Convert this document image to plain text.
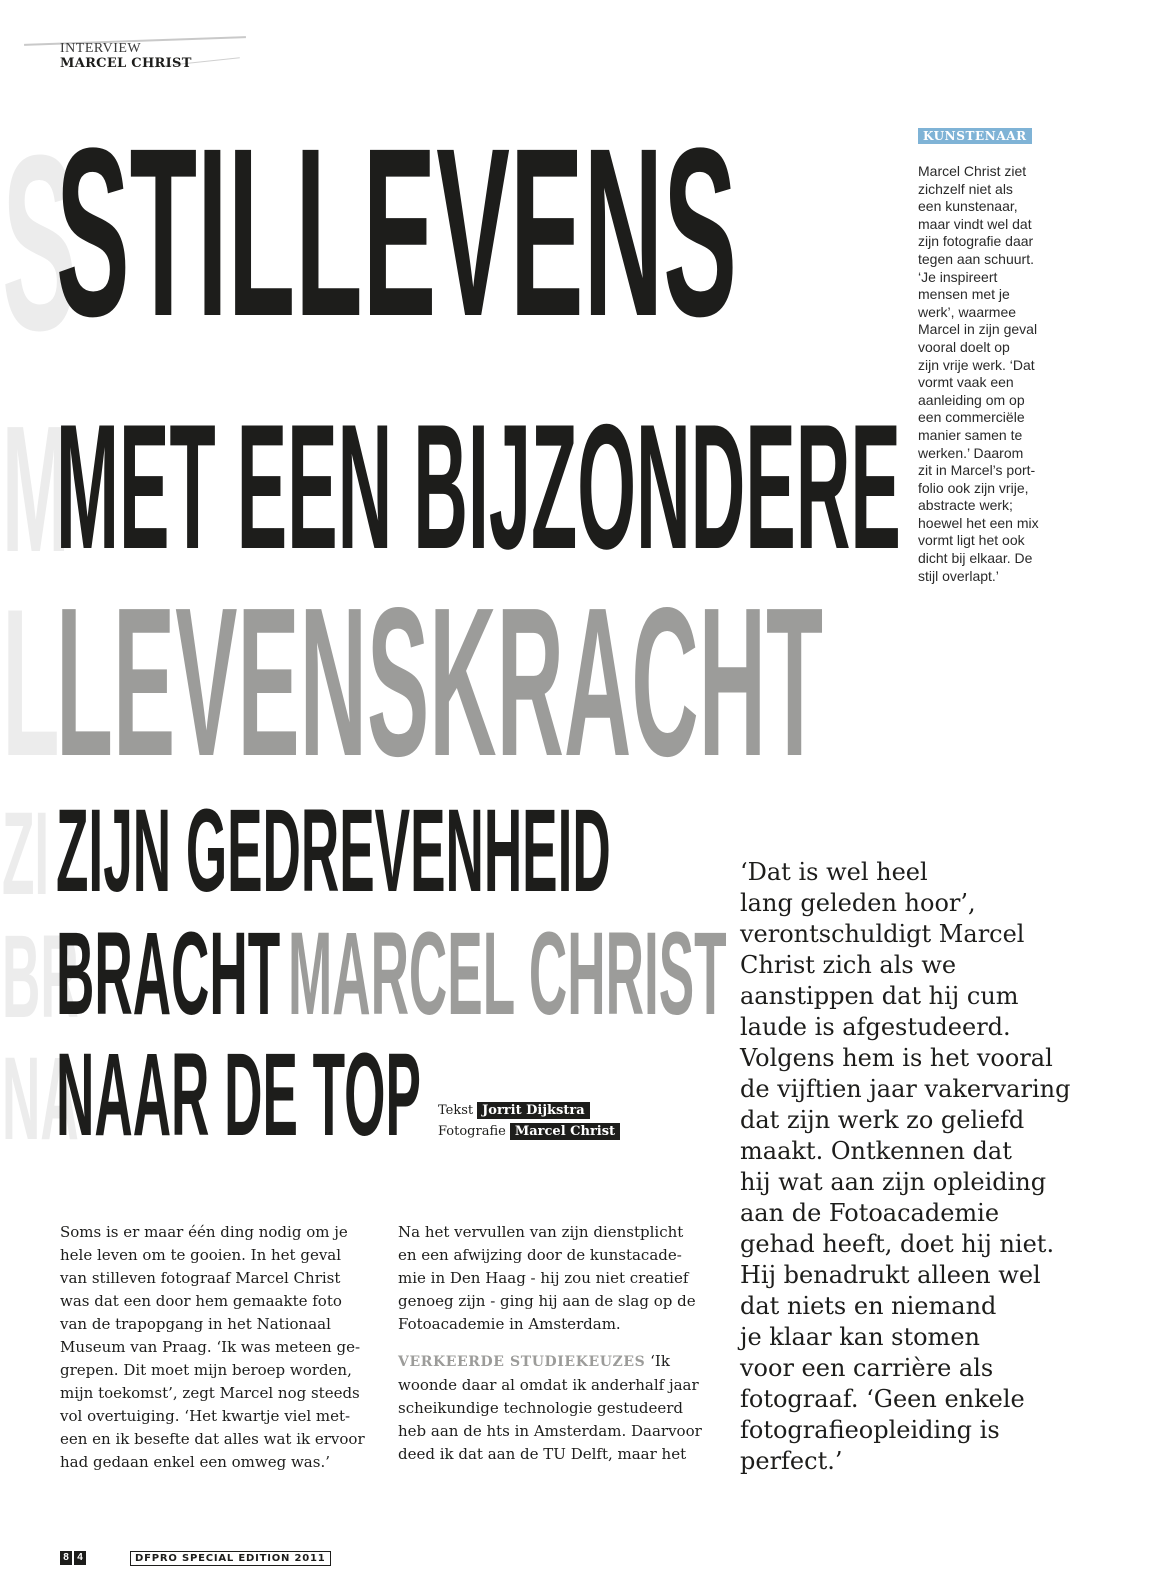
INTERVIEW
MARCEL CHRIST
S
M
L
ZI
BR
NA
STILLEVENS
MET EEN BIJZONDERE
LEVENSKRACHT
ZIJN GEDREVENHEID
BRACHT MARCEL CHRIST
NAAR DE TOP Tekst Jorrit Dijkstra
Fotografie Marcel Christ
KUNSTENAAR
Marcel Christ ziet
zichzelf niet als
een kunstenaar,
maar vindt wel dat
zijn fotografie daar
tegen aan schuurt.
‘Je inspireert
mensen met je
werk’, waarmee
Marcel in zijn geval
vooral doelt op
zijn vrije werk. ‘Dat
vormt vaak een
aanleiding om op
een commerciële
manier samen te
werken.’ Daarom
zit in Marcel’s port-
folio ook zijn vrije,
abstracte werk;
hoewel het een mix
vormt ligt het ook
dicht bij elkaar. De
stijl overlapt.’
‘Dat is wel heel
lang geleden hoor’,
verontschuldigt Marcel
Christ zich als we
aanstippen dat hij cum
laude is afgestudeerd.
Volgens hem is het vooral
de vijftien jaar vakervaring
dat zijn werk zo geliefd
maakt. Ontkennen dat
hij wat aan zijn opleiding
aan de Fotoacademie
gehad heeft, doet hij niet.
Hij benadrukt alleen wel
dat niets en niemand
je klaar kan stomen
voor een carrière als
fotograaf. ‘Geen enkele
fotografieopleiding is
perfect.’
Soms is er maar één ding nodig om je
hele leven om te gooien. In het geval
van stilleven fotograaf Marcel Christ
was dat een door hem gemaakte foto
van de trapopgang in het Nationaal
Museum van Praag. ‘Ik was meteen ge-
grepen. Dit moet mijn beroep worden,
mijn toekomst’, zegt Marcel nog steeds
vol overtuiging. ‘Het kwartje viel met-
een en ik besefte dat alles wat ik ervoor
had gedaan enkel een omweg was.’
Na het vervullen van zijn dienstplicht
en een afwijzing door de kunstacade-
mie in Den Haag - hij zou niet creatief
genoeg zijn - ging hij aan de slag op de
Fotoacademie in Amsterdam.
VERKEERDE STUDIEKEUZES ‘Ik
woonde daar al omdat ik anderhalf jaar
scheikundige technologie gestudeerd
heb aan de hts in Amsterdam. Daarvoor
deed ik dat aan de TU Delft, maar het
8 4	DFPRO SPECIAL EDITION 2011
